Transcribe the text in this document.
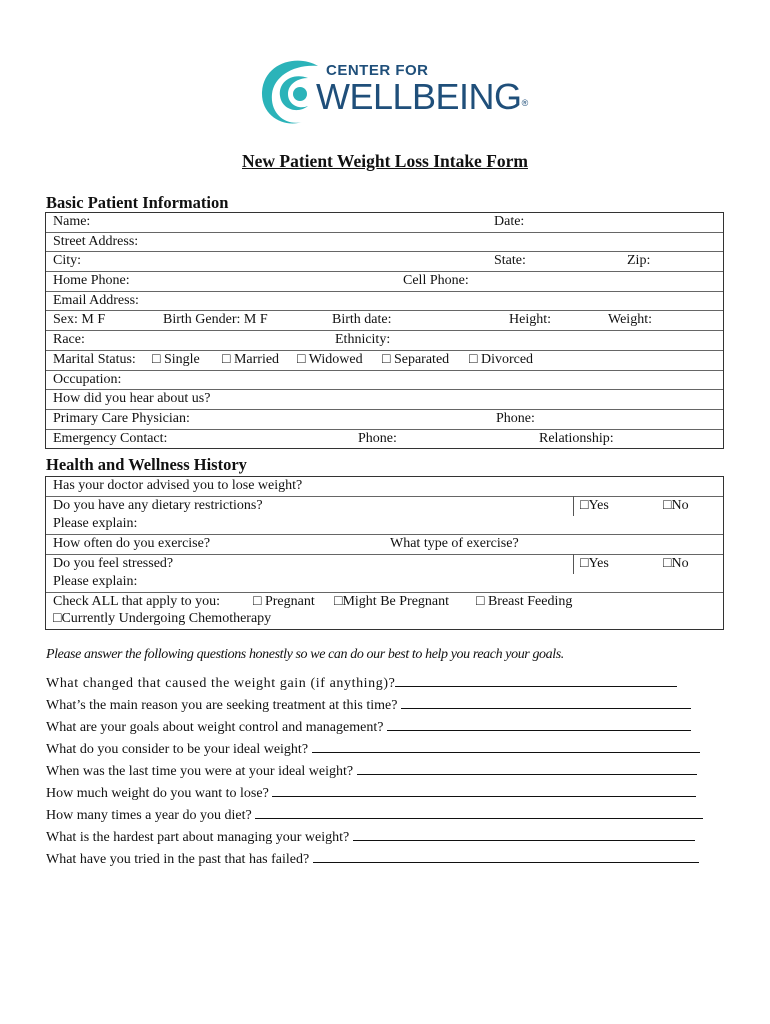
CENTER FOR
WELLBEING®
New Patient Weight Loss Intake Form
Basic Patient Information
Name:	Date:
Street Address:
City:	State:	Zip:
Home Phone:	Cell Phone:
Email Address:
Sex: M F	Birth Gender: M F	Birth date:	Height:	Weight:
Race:	Ethnicity:
Marital Status: □ Single □ Married □ Widowed □ Separated □ Divorced
Occupation:
How did you hear about us?
Primary Care Physician:	Phone:
Emergency Contact:	Phone:	Relationship:
Health and Wellness History
Has your doctor advised you to lose weight?
Do you have any dietary restrictions?	□Yes	□No
Please explain:
How often do you exercise?	What type of exercise?
Do you feel stressed?	□Yes	□No
Please explain:
Check ALL that apply to you: □ Pregnant □Might Be Pregnant □ Breast Feeding
□Currently Undergoing Chemotherapy
Please answer the following questions honestly so we can do our best to help you reach your goals.
What changed that caused the weight gain (if anything)?
What’s the main reason you are seeking treatment at this time?
What are your goals about weight control and management?
What do you consider to be your ideal weight?
When was the last time you were at your ideal weight?
How much weight do you want to lose?
How many times a year do you diet?
What is the hardest part about managing your weight?
What have you tried in the past that has failed?
